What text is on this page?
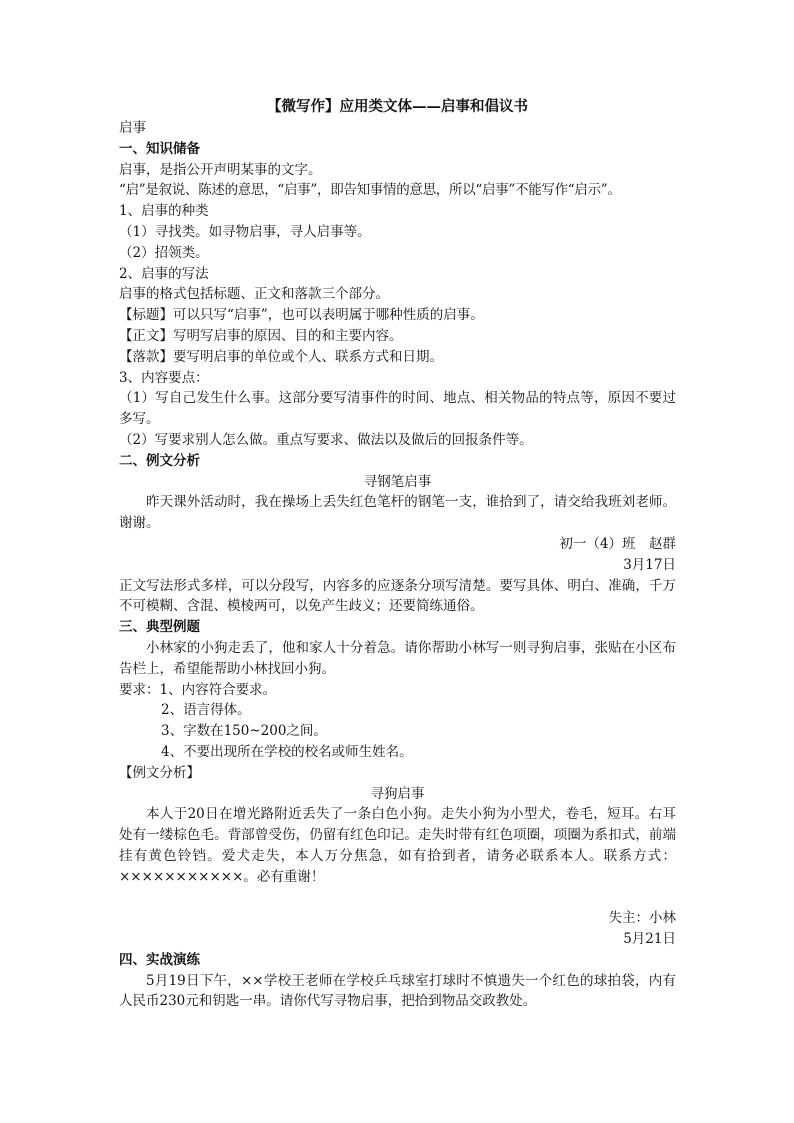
【微写作】应用类文体——启事和倡议书
启事
一、知识储备
启事，是指公开声明某事的文字。
“启”是叙说、陈述的意思，“启事”，即告知事情的意思，所以“启事”不能写作“启示”。
1、启事的种类
（1）寻找类。如寻物启事，寻人启事等。
（2）招领类。
2、启事的写法
启事的格式包括标题、正文和落款三个部分。
【标题】可以只写“启事”，也可以表明属于哪种性质的启事。
【正文】写明写启事的原因、目的和主要内容。
【落款】要写明启事的单位或个人、联系方式和日期。
3、内容要点：
（1）写自己发生什么事。这部分要写清事件的时间、地点、相关物品的特点等，原因不要过多写。
（2）写要求别人怎么做。重点写要求、做法以及做后的回报条件等。
二、例文分析
寻钢笔启事
昨天课外活动时，我在操场上丢失红色笔杆的钢笔一支，谁拾到了，请交给我班刘老师。谢谢。
初一（4）班　赵群
3月17日
正文写法形式多样，可以分段写，内容多的应逐条分项写清楚。要写具体、明白、准确，千万不可模糊、含混、模棱两可，以免产生歧义；还要简练通俗。
三、典型例题
小林家的小狗走丢了，他和家人十分着急。请你帮助小林写一则寻狗启事，张贴在小区布告栏上，希望能帮助小林找回小狗。
要求：1、内容符合要求。
2、语言得体。
3、字数在150~200之间。
4、不要出现所在学校的校名或师生姓名。
【例文分析】
寻狗启事
本人于20日在增光路附近丢失了一条白色小狗。走失小狗为小型犬，卷毛，短耳。右耳处有一缕棕色毛。背部曾受伤，仍留有红色印记。走失时带有红色项圈，项圈为系扣式，前端挂有黄色铃铛。爱犬走失，本人万分焦急，如有拾到者，请务必联系本人。联系方式：×××××××××××。必有重谢！
失主：小林
5月21日
四、实战演练
5月19日下午，××学校王老师在学校乒乓球室打球时不慎遗失一个红色的球拍袋，内有人民币230元和钥匙一串。请你代写寻物启事，把拾到物品交政教处。
